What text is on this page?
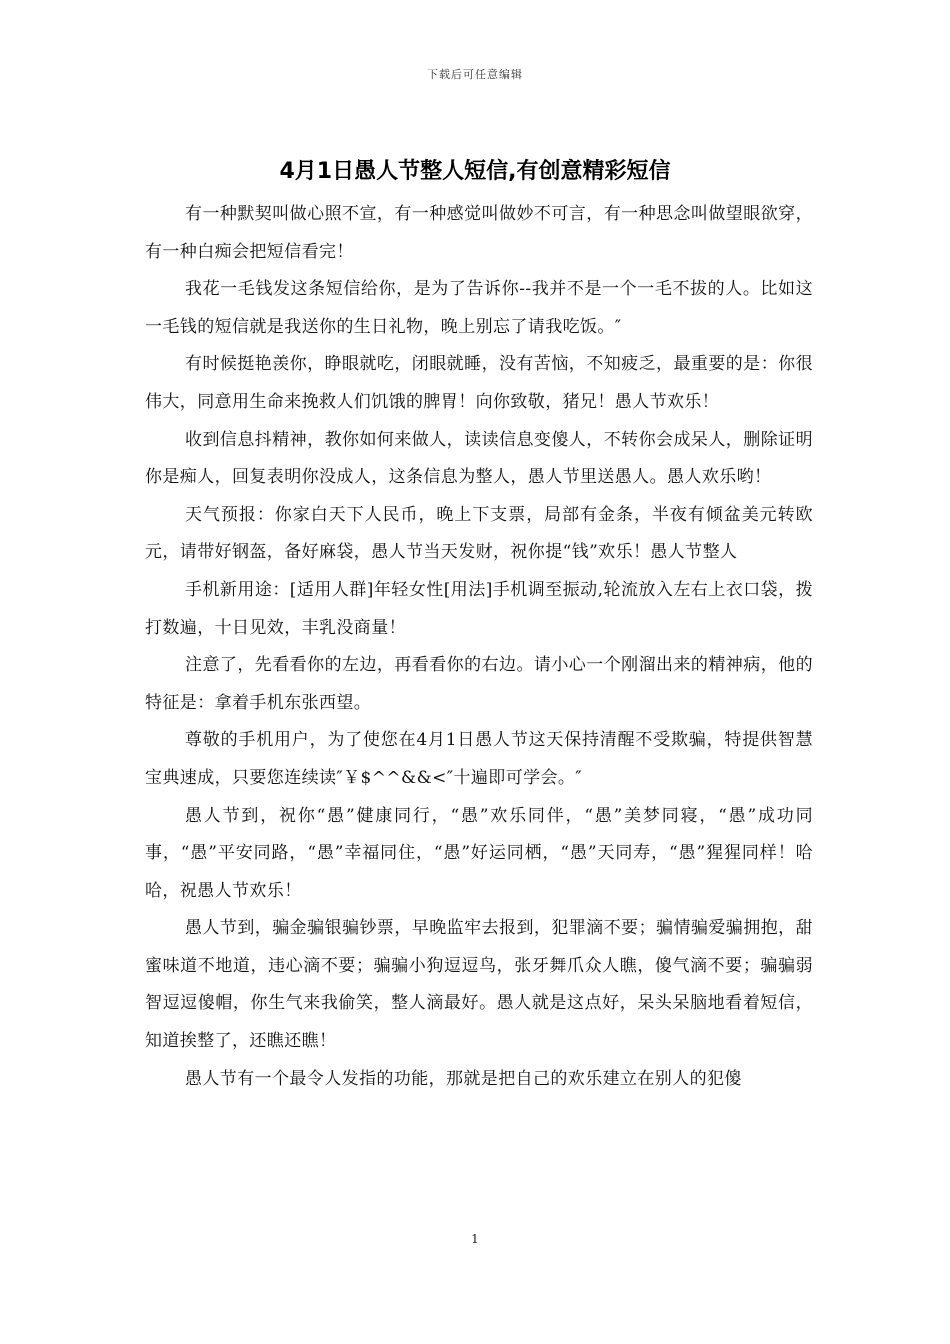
下载后可任意编辑
4月1日愚人节整人短信,有创意精彩短信

有一种默契叫做心照不宣，有一种感觉叫做妙不可言，有一种思念叫做望眼欲穿，有一种白痴会把短信看完！

我花一毛钱发这条短信给你，是为了告诉你--我并不是一个一毛不拔的人。比如这一毛钱的短信就是我送你的生日礼物，晚上别忘了请我吃饭。″

有时候挺艳羡你，睁眼就吃，闭眼就睡，没有苦恼，不知疲乏，最重要的是：你很伟大，同意用生命来挽救人们饥饿的脾胃！向你致敬，猪兄！愚人节欢乐！

收到信息抖精神，教你如何来做人，读读信息变傻人，不转你会成呆人，删除证明你是痴人，回复表明你没成人，这条信息为整人，愚人节里送愚人。愚人欢乐哟！

天气预报：你家白天下人民币，晚上下支票，局部有金条，半夜有倾盆美元转欧元，请带好钢盔，备好麻袋，愚人节当天发财，祝你提“钱”欢乐！愚人节整人

手机新用途：[适用人群]年轻女性[用法]手机调至振动,轮流放入左右上衣口袋，拨打数遍，十日见效，丰乳没商量！

注意了，先看看你的左边，再看看你的右边。请小心一个刚溜出来的精神病，他的特征是：拿着手机东张西望。

尊敬的手机用户，为了使您在4月1日愚人节这天保持清醒不受欺骗，特提供智慧宝典速成，只要您连续读″￥$^^&&<″十遍即可学会。″

愚人节到，祝你“愚”健康同行，“愚”欢乐同伴，“愚”美梦同寝，“愚”成功同事，“愚”平安同路，“愚”幸福同住，“愚”好运同栖，“愚”天同寿，“愚”猩猩同样！哈哈，祝愚人节欢乐！

愚人节到，骗金骗银骗钞票，早晚监牢去报到，犯罪滴不要；骗情骗爱骗拥抱，甜蜜味道不地道，违心滴不要；骗骗小狗逗逗鸟，张牙舞爪众人瞧，傻气滴不要；骗骗弱智逗逗傻帽，你生气来我偷笑，整人滴最好。愚人就是这点好，呆头呆脑地看着短信，知道挨整了，还瞧还瞧！

愚人节有一个最令人发指的功能，那就是把自己的欢乐建立在别人的犯傻

1
